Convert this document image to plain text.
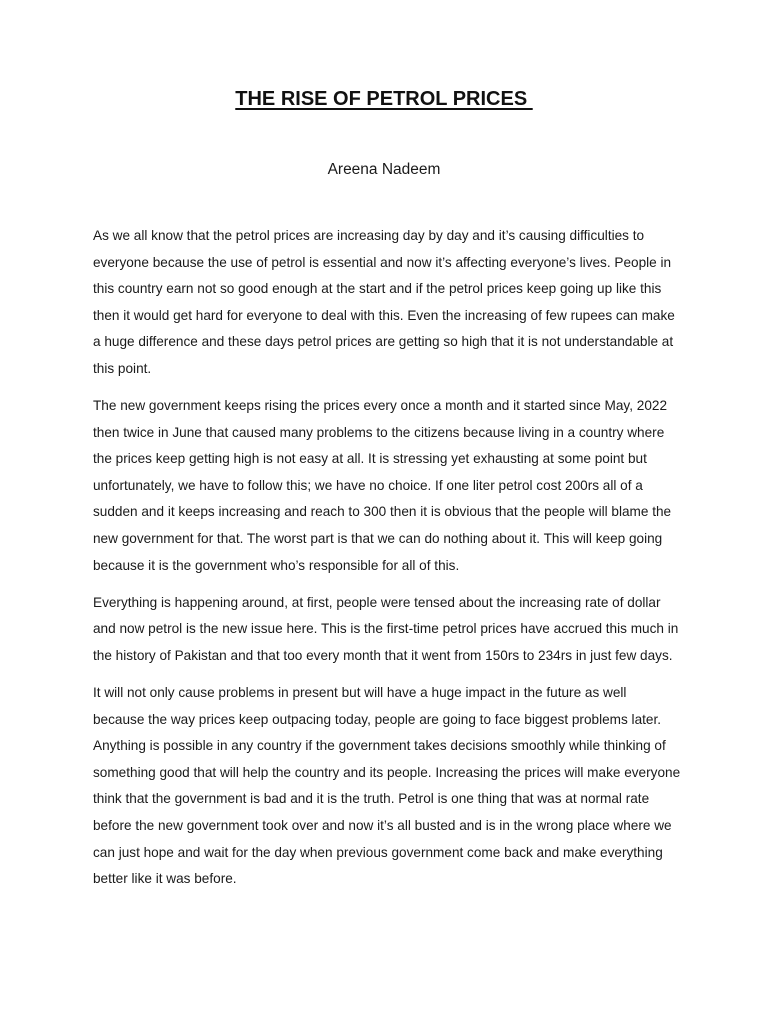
THE RISE OF PETROL PRICES
Areena Nadeem

As we all know that the petrol prices are increasing day by day and it’s causing difficulties to everyone because the use of petrol is essential and now it’s affecting everyone’s lives. People in this country earn not so good enough at the start and if the petrol prices keep going up like this then it would get hard for everyone to deal with this. Even the increasing of few rupees can make a huge difference and these days petrol prices are getting so high that it is not understandable at this point.

The new government keeps rising the prices every once a month and it started since May, 2022 then twice in June that caused many problems to the citizens because living in a country where the prices keep getting high is not easy at all. It is stressing yet exhausting at some point but unfortunately, we have to follow this; we have no choice. If one liter petrol cost 200rs all of a sudden and it keeps increasing and reach to 300 then it is obvious that the people will blame the new government for that. The worst part is that we can do nothing about it. This will keep going because it is the government who’s responsible for all of this.

Everything is happening around, at first, people were tensed about the increasing rate of dollar and now petrol is the new issue here. This is the first-time petrol prices have accrued this much in the history of Pakistan and that too every month that it went from 150rs to 234rs in just few days.

It will not only cause problems in present but will have a huge impact in the future as well because the way prices keep outpacing today, people are going to face biggest problems later. Anything is possible in any country if the government takes decisions smoothly while thinking of something good that will help the country and its people. Increasing the prices will make everyone think that the government is bad and it is the truth. Petrol is one thing that was at normal rate before the new government took over and now it’s all busted and is in the wrong place where we can just hope and wait for the day when previous government come back and make everything better like it was before.
